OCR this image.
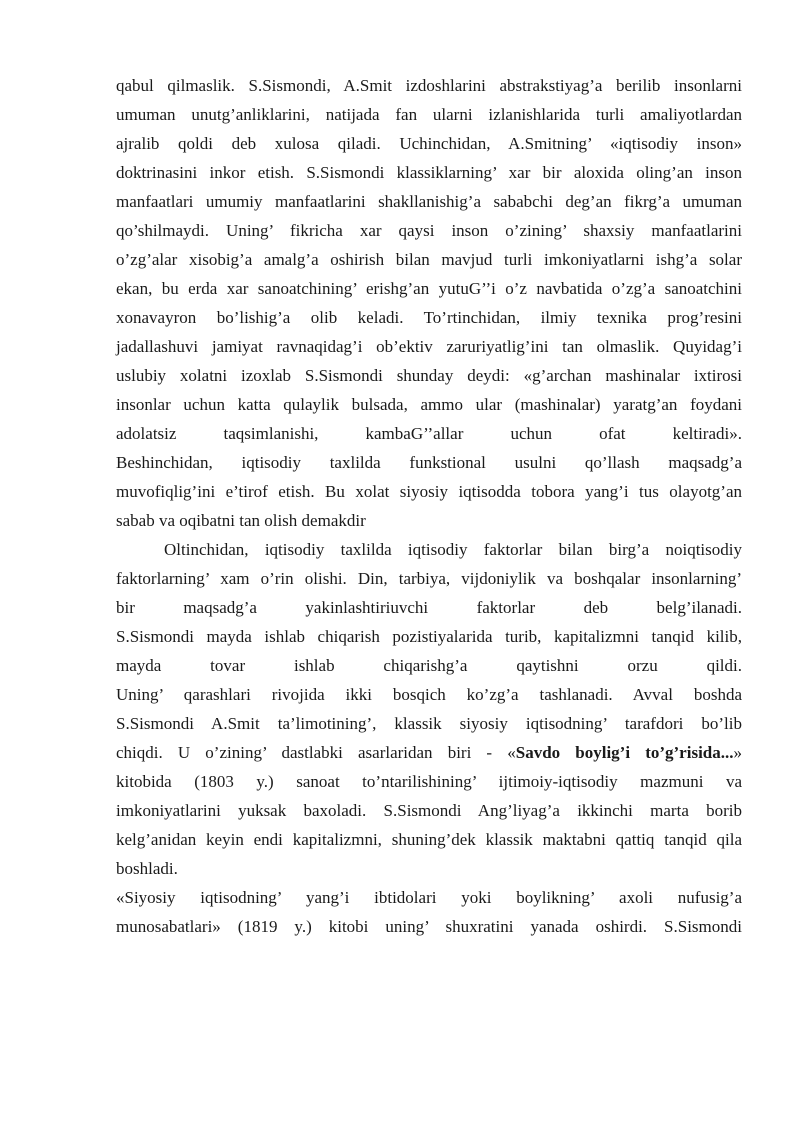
qabul qilmaslik. S.Sismondi, A.Smit izdoshlarini abstrakstiyag’a berilib insonlarni
umuman unutg’anliklarini, natijada fan ularni izlanishlarida turli amaliyotlardan
ajralib qoldi deb xulosa qiladi. Uchinchidan, A.Smitning’ «iqtisodiy inson»
doktrinasini inkor etish. S.Sismondi klassiklarning’ xar bir aloxida oling’an inson
manfaatlari umumiy manfaatlarini shakllanishig’a sababchi deg’an fikrg’a umuman
qo’shilmaydi. Uning’ fikricha xar qaysi inson o’zining’ shaxsiy manfaatlarini
o’zg’alar xisobig’a amalg’a oshirish bilan mavjud turli imkoniyatlarni ishg’a solar
ekan, bu erda xar sanoatchining’ erishg’an yutuG’’i o’z navbatida o’zg’a sanoatchini
xonavayron bo’lishig’a olib keladi. To’rtinchidan, ilmiy texnika prog’resini
jadallashuvi jamiyat ravnaqidag’i ob’ektiv zaruriyatlig’ini tan olmaslik. Quyidag’i
uslubiy xolatni izoxlab S.Sismondi shunday deydi: «g’archan mashinalar ixtirosi
insonlar uchun katta qulaylik bulsada, ammo ular (mashinalar) yaratg’an foydani
adolatsiz taqsimlanishi, kambaG’’allar uchun ofat keltiradi».
Beshinchidan, iqtisodiy taxlilda funkstional usulni qo’llash maqsadg’a
muvofiqlig’ini e’tirof etish. Bu xolat siyosiy iqtisodda tobora yang’i tus olayotg’an
sabab va oqibatni tan olish demakdir
Oltinchidan, iqtisodiy taxlilda iqtisodiy faktorlar bilan birg’a noiqtisodiy
faktorlarning’ xam o’rin olishi. Din, tarbiya, vijdoniylik va boshqalar insonlarning’
bir maqsadg’a yakinlashtiriuvchi faktorlar deb belg’ilanadi.
S.Sismondi mayda ishlab chiqarish pozistiyalarida turib, kapitalizmni tanqid kilib,
mayda tovar ishlab chiqarishg’a qaytishni orzu qildi.
Uning’ qarashlari rivojida ikki bosqich ko’zg’a tashlanadi. Avval boshda
S.Sismondi A.Smit ta’limotining’, klassik siyosiy iqtisodning’ tarafdori bo’lib
chiqdi. U o’zining’ dastlabki asarlaridan biri - «Savdo boylig’i to’g’risida...»
kitobida (1803 y.) sanoat to’ntarilishining’ ijtimoiy-iqtisodiy mazmuni va
imkoniyatlarini yuksak baxoladi. S.Sismondi Ang’liyag’a ikkinchi marta borib
kelg’anidan keyin endi kapitalizmni, shuning’dek klassik maktabni qattiq tanqid qila
boshladi.
«Siyosiy iqtisodning’ yang’i ibtidolari yoki boylikning’ axoli nufusig’a
munosabatlari» (1819 y.) kitobi uning’ shuxratini yanada oshirdi. S.Sismondi
